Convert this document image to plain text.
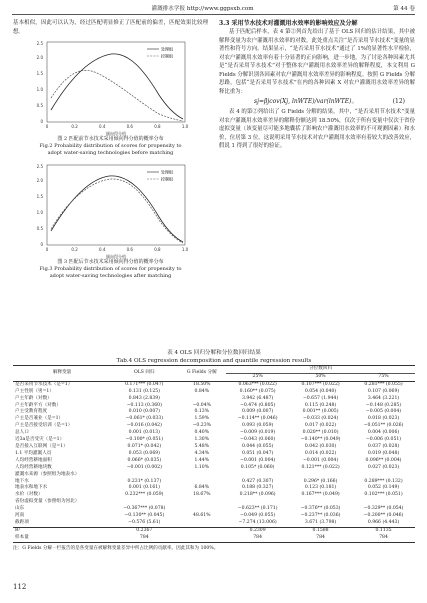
灌溉排水学报 http://www.ggpsxb.com	第 44 卷

基本相似，因此可以认为，经过匹配明显修正了匹配前的偏差，匹配效果比较理想。

0
0.5
1.0
1.5
2.0
2.5
0	0.2	0.4	0.6	0.8	1.0
倾向得分值
处理组
控制组
图 2 匹配前节水技术采用倾向得分值的概率分布
Fig.2 Probability distribution of scores for propensity to
adopt water-saving technologies before matching
0
0.5
1.0
1.5
2.0
2.5
0	0.2	0.4	0.6	0.8	1.0
倾向得分值
处理组
控制组
图 3 匹配后节水技术采用倾向得分值的概率分布
Fig.3 Probability distribution of scores for propensity to
adopt water-saving technologies after matching
3.3 采用节水技术对灌溉用水效率的影响效应及分解

基于匹配后样本，表 4 第②列首先给出了基于 OLS 回归的估计结果，其中被解释变量为农户灌溉用水效率的对数。此处重点关注“是否采用节水技术”变量的显著性和符号方向。结果显示，“是否采用节水技术”通过了 1%的显著性水平检验，对农户灌溉用水效率有着十分显著的正向影响，进一步地，为了讨论各种因素尤其是“是否采用节水技术”对于整体农户灌溉用水效率差异的解释程度，本文利用 G Fields 分解识别各因素对农户灌溉用水效率差异的影响程度。按照 G Fields 分解思路，包括“是否采用节水技术”在内的各种因素 X 对农户灌溉用水效率差异的解释比重为：

sj=βjcov(Xj, lnWTE)/var(lnWTE)。	(12)

表 4 的第②列给出了 G Fields 分解的结果，其中，“是否采用节水技术”变量对农户灌溉用水效率差异的解释份额达到 18.50%，仅次于所有变量中仅次于省份虚拟变量（该变量尽可能多地囊括了影响农户灌溉用水效率的不可观测因素）和水价，位居第 3 位。这说明采用节水技术对农户灌溉用水效率有着较大的改善效应，假说 1 得到了很好的验证。

表 4 OLS 回归分解和分位数回归结果
Tab.4 OLS regression decomposition and quantile regression results
解释变量	OLS 回归	G Fields 分解	分位数回归		
			25%	50%	75%
是否采用节水技术（是=1）	0.171*** (0.047)	18.50%	0.063*** (0.022)	0.107*** (0.022)	0.281*** (0.055)
户主性别（男=1）	0.131 (0.125)	0.84%	0.160** (0.075)	0.054 (0.040)	0.107 (0.069)
户主年龄（对数）	0.843 (2.839)		3.942 (6.487)	−0.657 (1.944)	3.464 (3.221)
户主年龄平方（对数）	−0.113 (0.360)	−0.04%	−0.474 (0.805)	0.115 (0.248)	−0.148 (0.285)
户主受教育程度	0.010 (0.007)	0.13%	0.009 (0.007)	0.001** (0.005)	−0.005 (0.004)
户主是否兼业（是=1）	−0.061* (0.033)	1.59%	−0.114** (0.046)	−0.033 (0.024)	0.018 (0.023)
户主是否接受培训（是=1）	−0.016 (0.042)	−0.23%	0.093 (0.059)	0.017 (0.022)	−0.051** (0.026)
总人口	0.001 (0.013)	0.40%	−0.009 (0.019)	0.020** (0.010)	0.004 (0.006)
近3a是否受灾（是=1）	−0.100* (0.051)	1.30%	−0.043 (0.060)	−0.140** (0.049)	−0.006 (0.051)
是否接入互联网（是=1）	0.071* (0.042)	5.48%	0.044 (0.055)	0.042 (0.030)	0.037 (0.028)
1.1 平均灌溉人员	0.053 (0.069)	4.34%	0.051 (0.047)	0.014 (0.022)	0.019 (0.048)
人均经营耕地面积	0.066* (0.035)	1.44%	−0.001 (0.004)	−0.001 (0.004)	0.096** (0.004)
人均经营耕地块数	−0.001 (0.002)	1.10%	0.105* (0.060)	0.121*** (0.022)	0.027 (0.023)
灌溉水来源（参照组为地表水）					
地下水	0.231* (0.137)		0.427 (0.307)	0.296* (0.166)	0.289*** (0.132)
地表水和地下水	0.001 (0.161)	6.84%	0.188 (0.327)	0.123 (0.181)	0.052 (0.149)
水价（对数）	0.232*** (0.059)	18.67%	0.218** (0.096)	0.167*** (0.049)	0.102*** (0.051)
省份虚拟变量（参照组为河北）					
山东	−0.367*** (0.078)		−0.623** (0.171)	−0.376** (0.053)	−0.329** (0.054)
河南	−0.130** (0.045)	48.61%	−0.049 (0.055)	−0.237** (0.036)	−0.200** (0.046)
截距项	−0.576 (5.61)		−7.274 (13.006)	3.671 (3.798)	0.966 (4.443)
R²	0.2367		0.2309	0.1588	0.1135
样本量	784		784	784	784
注：G Fields 分解一栏报告的是各变量在被解释变量差异中所占比例的贡献率，因此其和为 100%。
112
